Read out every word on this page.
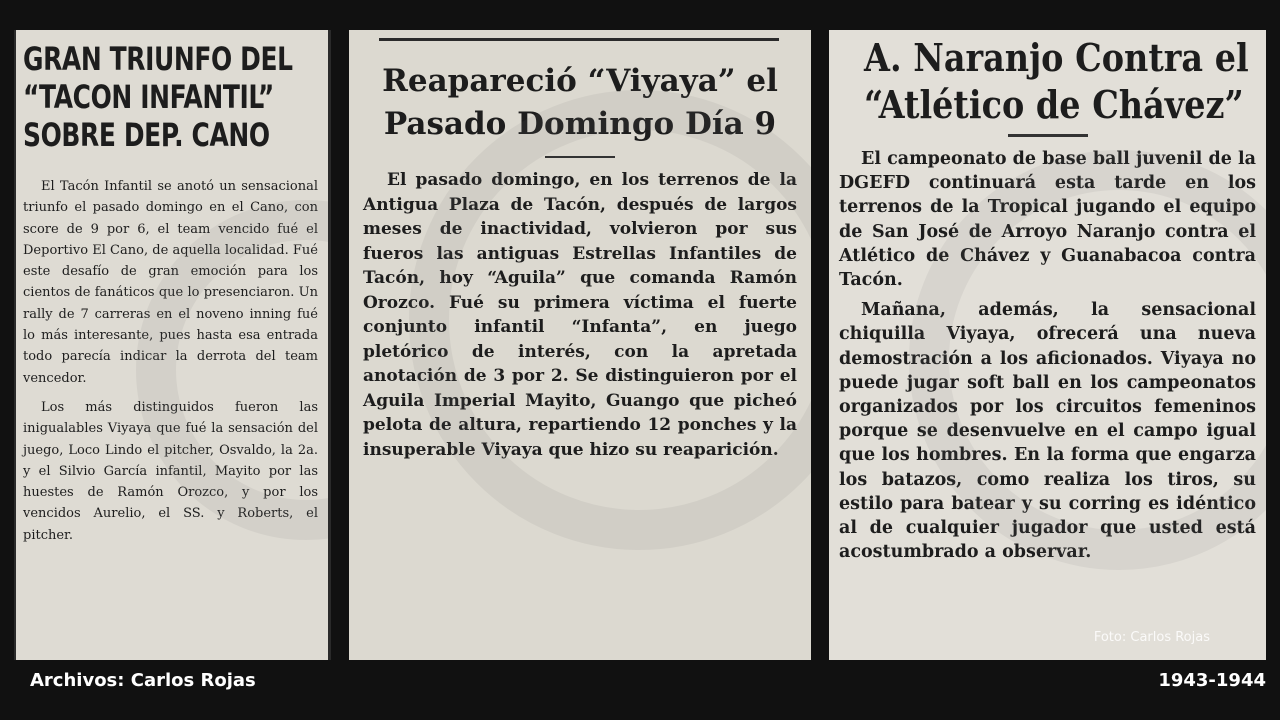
GRAN TRIUNFO DEL

“TACON INFANTIL”

SOBRE DEP. CANO

El Tacón Infantil se anotó un sensacional triunfo el pasado domingo en el Cano, con score de 9 por 6, el team vencido fué el Deportivo El Cano, de aquella localidad. Fué este desafío de gran emoción para los cientos de fanáticos que lo presenciaron. Un rally de 7 carreras en el noveno inning fué lo más interesante, pues hasta esa entrada todo parecía indicar la derrota del team vencedor.

Los más distinguidos fueron las inigualables Viyaya que fué la sensación del juego, Loco Lindo el pitcher, Osvaldo, la 2a. y el Silvio García infantil, Mayito por las huestes de Ramón Orozco, y por los vencidos Aurelio, el SS. y Roberts, el pitcher.

Reapareció “Viyaya” el

Pasado Domingo Día 9

El pasado domingo, en los terrenos de la Antigua Plaza de Tacón, después de largos meses de inactividad, volvieron por sus fueros las antiguas Estrellas Infantiles de Tacón, hoy “Aguila” que comanda Ramón Orozco. Fué su primera víctima el fuerte conjunto infantil “Infanta”, en juego pletórico de interés, con la apretada anotación de 3 por 2. Se distinguieron por el Aguila Imperial Mayito, Guango que picheó pelota de altura, repartiendo 12 ponches y la insuperable Viyaya que hizo su reaparición.

A. Naranjo Contra el

“Atlético de Chávez”

El campeonato de base ball juvenil de la DGEFD continuará esta tarde en los terrenos de la Tropical jugando el equipo de San José de Arroyo Naranjo contra el Atlético de Chávez y Guanabacoa contra Tacón.

Mañana, además, la sensacional chiquilla Viyaya, ofrecerá una nueva demostración a los aficionados. Viyaya no puede jugar soft ball en los campeonatos organizados por los circuitos femeninos porque se desenvuelve en el campo igual que los hombres. En la forma que engarza los batazos, como realiza los tiros, su estilo para batear y su corring es idéntico al de cualquier jugador que usted está acostumbrado a observar.

Foto: Carlos Rojas

Archivos: Carlos Rojas	1943-1944
